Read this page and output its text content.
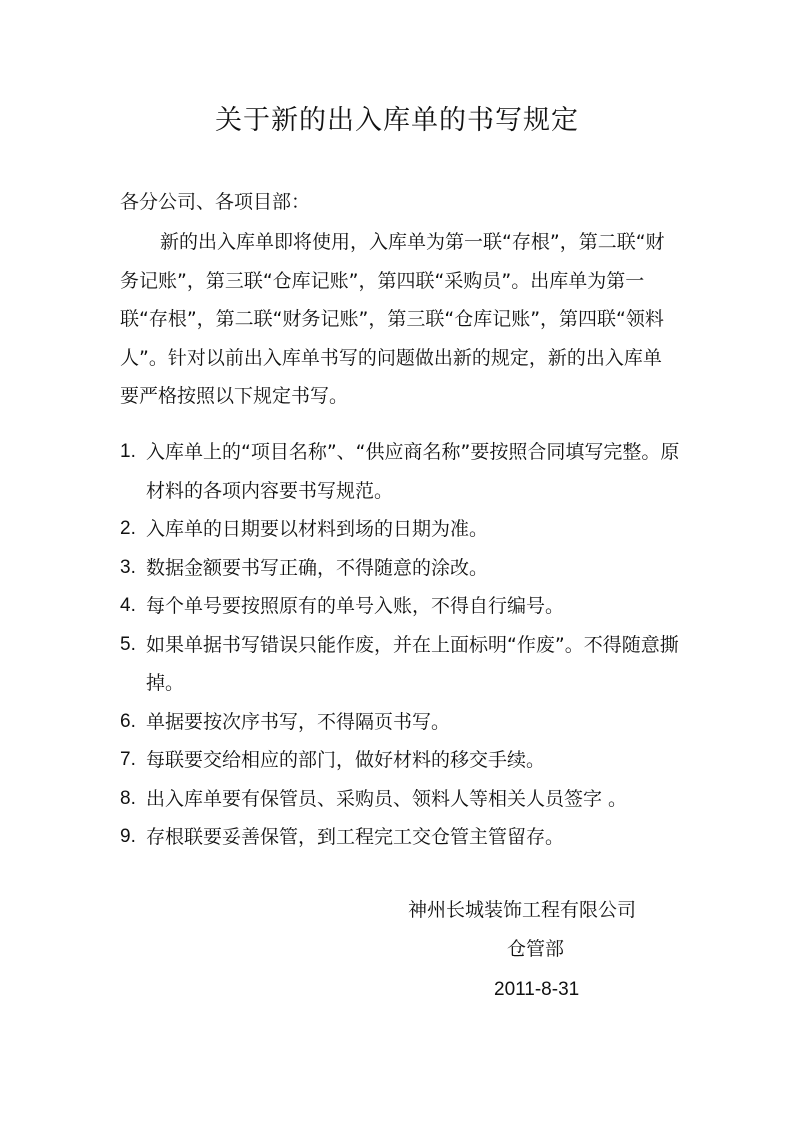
关于新的出入库单的书写规定
各分公司、各项目部：
新的出入库单即将使用，入库单为第一联“存根”，第二联“财务记账”，第三联“仓库记账”，第四联“采购员”。出库单为第一联“存根”，第二联“财务记账”，第三联“仓库记账”，第四联“领料人”。针对以前出入库单书写的问题做出新的规定，新的出入库单要严格按照以下规定书写。
1. 入库单上的“项目名称”、“供应商名称”要按照合同填写完整。原材料的各项内容要书写规范。
2. 入库单的日期要以材料到场的日期为准。
3. 数据金额要书写正确，不得随意的涂改。
4. 每个单号要按照原有的单号入账，不得自行编号。
5. 如果单据书写错误只能作废，并在上面标明“作废”。不得随意撕掉。
6. 单据要按次序书写，不得隔页书写。
7. 每联要交给相应的部门，做好材料的移交手续。
8. 出入库单要有保管员、采购员、领料人等相关人员签字 。
9. 存根联要妥善保管，到工程完工交仓管主管留存。
神州长城装饰工程有限公司
仓管部
2011-8-31
